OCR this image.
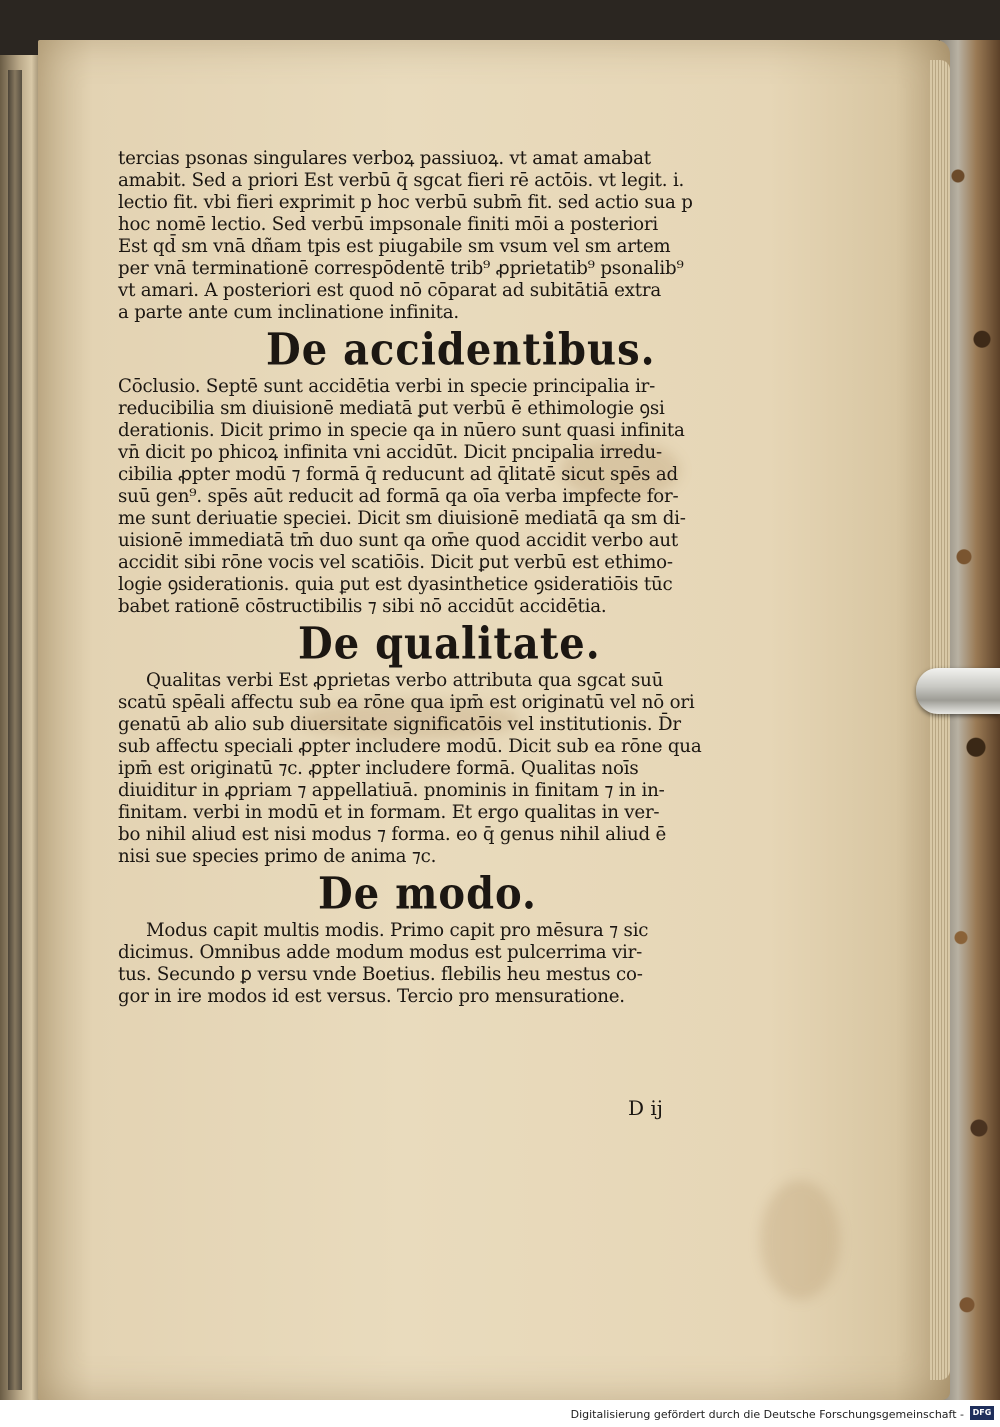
tercias psonas singulares verboꝝ passiuoꝝ. vt amat amabat
amabit. Sed a priori Est verbū q̄ sgcat fieri rē actōis. vt legit. i.
lectio fit. vbi fieri exprimit p hoc verbū subm̄ fit. sed actio sua p
hoc nomē lectio. Sed verbū impsonale finiti mōi a posteriori
Est qd̄ sm vnā dñam tpis est piugabile sm vsum vel sm artem
per vnā terminationē correspōdentē trib⁹ ꝓprietatib⁹ psonalib⁹
vt amari. A posteriori est quod nō cōparat ad subitātiā extra
a parte ante cum inclinatione infinita.
De accidentibus.
Cōclusio. Septē sunt accidētia verbi in specie principalia ir-
reducibilia sm diuisionē mediatā ꝑut verbū ē ethimologie ꝯsi
derationis. Dicit primo in specie qa in nūero sunt quasi infinita
vn̄ dicit po phicoꝝ infinita vni accidūt. Dicit pncipalia irredu-
cibilia ꝓpter modū ⁊ formā q̄ reducunt ad q̄litatē sicut spēs ad
suū gen⁹. spēs aūt reducit ad formā qa oīa verba impfecte for-
me sunt deriuatie speciei. Dicit sm diuisionē mediatā qa sm di-
uisionē immediatā tm̄ duo sunt qa om̄e quod accidit verbo aut
accidit sibi rōne vocis vel scatiōis. Dicit ꝑut verbū est ethimo-
logie ꝯsiderationis. quia ꝑut est dyasinthetice ꝯsideratiōis tūc
babet rationē cōstructibilis ⁊ sibi nō accidūt accidētia.
De qualitate.
Qualitas verbi Est ꝓprietas verbo attributa qua sgcat suū
scatū spēali affectu sub ea rōne qua ipm̄ est originatū vel nō ori
genatū ab alio sub diuersitate significatōis vel institutionis. D̄r
sub affectu speciali ꝓpter includere modū. Dicit sub ea rōne qua
ipm̄ est originatū ⁊c. ꝓpter includere formā. Qualitas noīs
diuiditur in ꝓpriam ⁊ appellatiuā. pnominis in finitam ⁊ in in-
finitam. verbi in modū et in formam. Et ergo qualitas in ver-
bo nihil aliud est nisi modus ⁊ forma. eo q̄ genus nihil aliud ē
nisi sue species primo de anima ⁊c.
De modo.
Modus capit multis modis. Primo capit pro mēsura ⁊ sic
dicimus. Omnibus adde modum modus est pulcerrima vir-
tus. Secundo ꝑ versu vnde Boetius. flebilis heu mestus co-
gor in ire modos id est versus. Tercio pro mensuratione.
D ij
Digitalisierung gefördert durch die Deutsche Forschungsgemeinschaft -	DFG
